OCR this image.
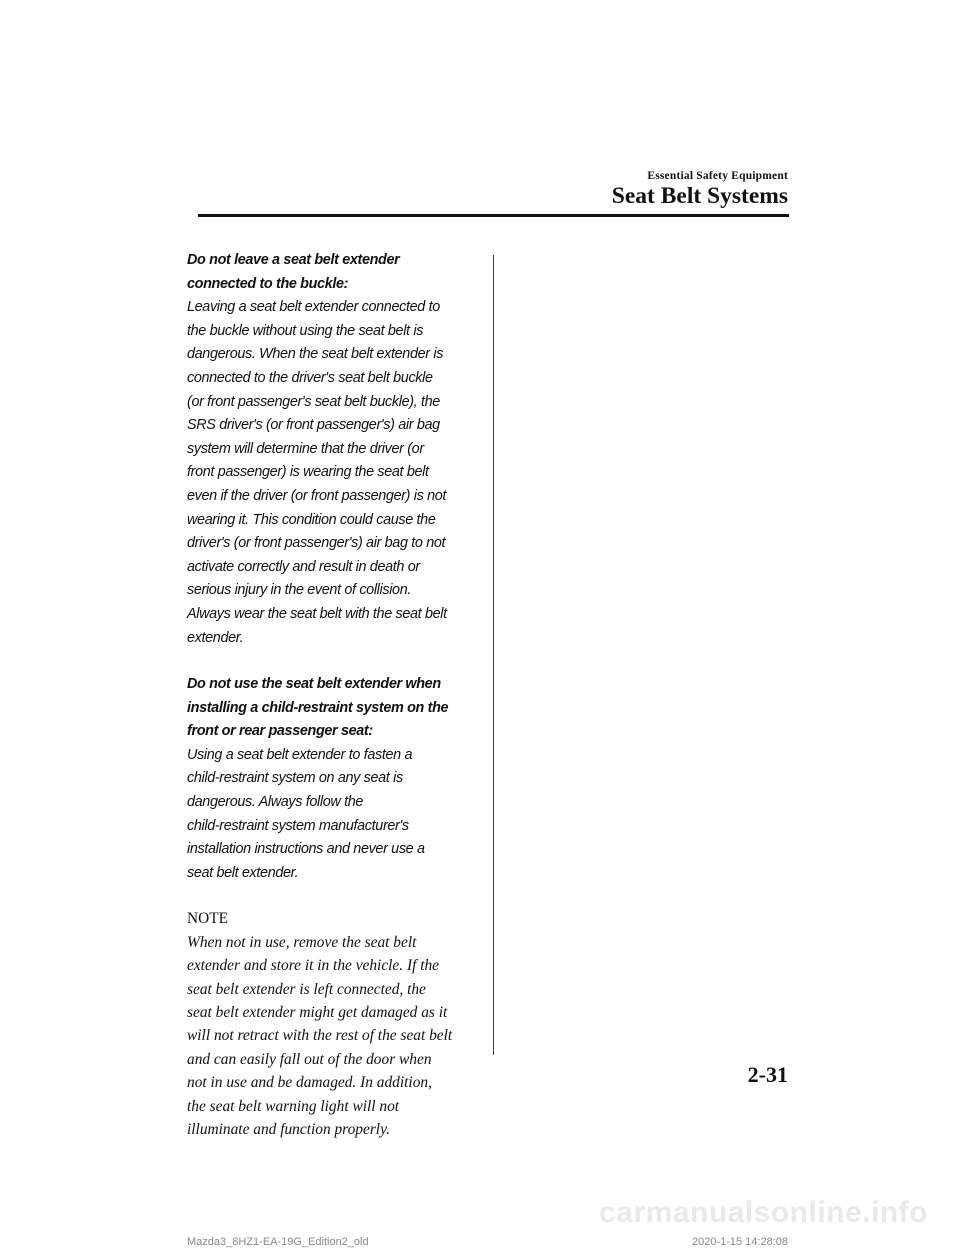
Essential Safety Equipment
Seat Belt Systems
Do not leave a seat belt extender
connected to the buckle:
Leaving a seat belt extender connected to
the buckle without using the seat belt is
dangerous. When the seat belt extender is
connected to the driver's seat belt buckle
(or front passenger's seat belt buckle), the
SRS driver's (or front passenger's) air bag
system will determine that the driver (or
front passenger) is wearing the seat belt
even if the driver (or front passenger) is not
wearing it. This condition could cause the
driver's (or front passenger's) air bag to not
activate correctly and result in death or
serious injury in the event of collision.
Always wear the seat belt with the seat belt
extender.
Do not use the seat belt extender when
installing a child-restraint system on the
front or rear passenger seat:
Using a seat belt extender to fasten a
child-restraint system on any seat is
dangerous. Always follow the
child-restraint system manufacturer's
installation instructions and never use a
seat belt extender.
NOTE
When not in use, remove the seat belt
extender and store it in the vehicle. If the
seat belt extender is left connected, the
seat belt extender might get damaged as it
will not retract with the rest of the seat belt
and can easily fall out of the door when
not in use and be damaged. In addition,
the seat belt warning light will not
illuminate and function properly.
2-31
carmanualsonline.info
Mazda3_8HZ1-EA-19G_Edition2_old	2020-1-15 14:28:08
